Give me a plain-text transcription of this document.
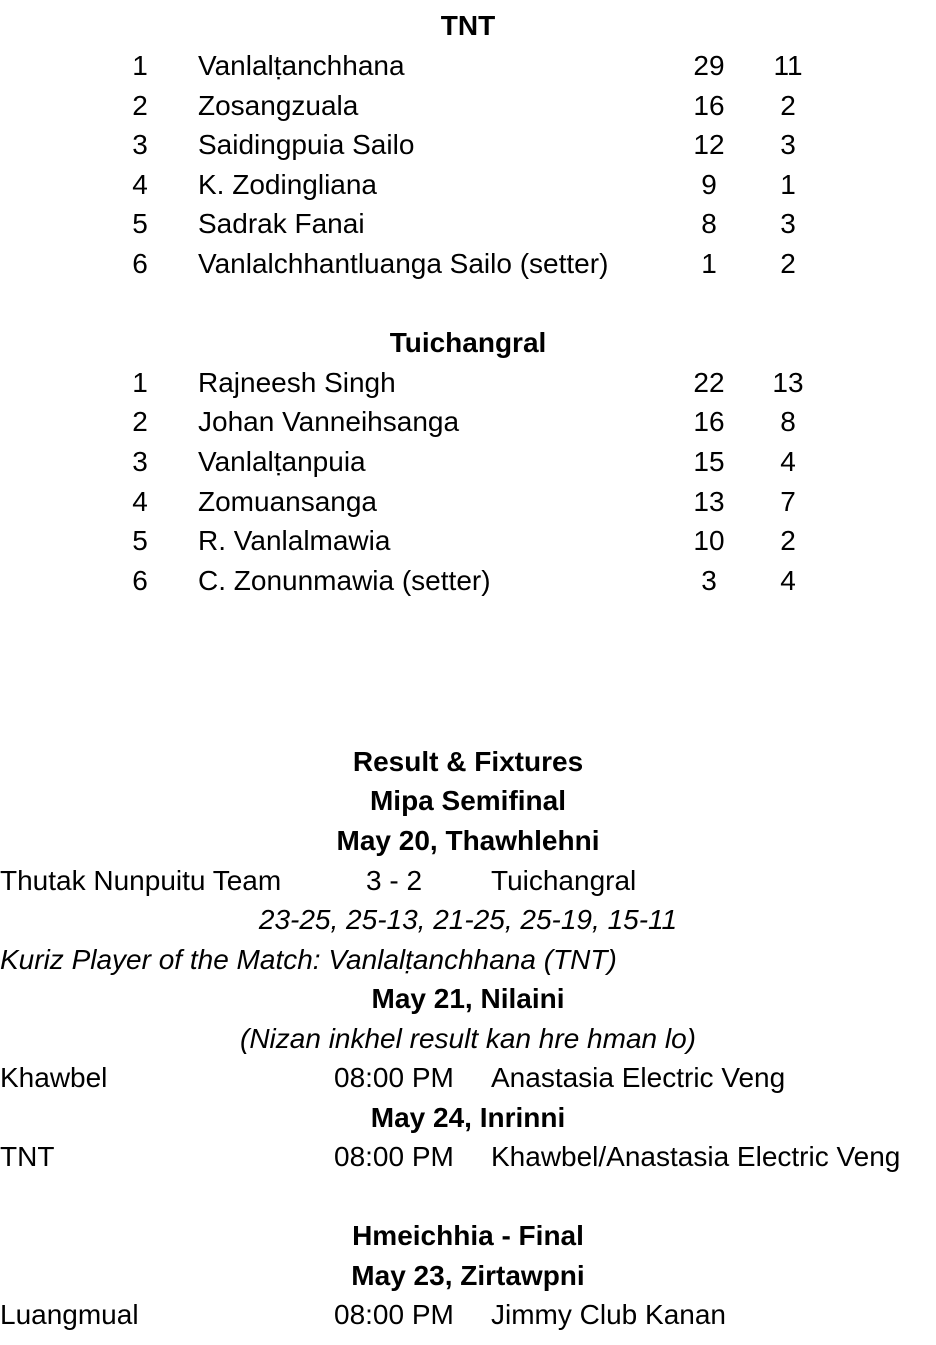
TNT
1 Vanlalṭanchhana	29	11
2 Zosangzuala	16	2
3 Saidingpuia Sailo	12	3
4 K. Zodingliana	9	1
5 Sadrak Fanai	8	3
6 Vanlalchhantluanga Sailo (setter)	1	2
Tuichangral
1 Rajneesh Singh	22	13
2 Johan Vanneihsanga	16	8
3 Vanlalṭanpuia	15	4
4 Zomuansanga	13	7
5 R. Vanlalmawia	10	2
6 C. Zonunmawia (setter)	3	4
Result & Fixtures
Mipa Semifinal
May 20, Thawhlehni
Thutak Nunpuitu Team	3 - 2 Tuichangral
23-25, 25-13, 21-25, 25-19, 15-11
Kuriz Player of the Match: Vanlalṭanchhana (TNT)
May 21, Nilaini
(Nizan inkhel result kan hre hman lo)
Khawbel	08:00 PM Anastasia Electric Veng
May 24, Inrinni
TNT	08:00 PM Khawbel/Anastasia Electric Veng
Hmeichhia - Final
May 23, Zirtawpni
Luangmual	08:00 PM Jimmy Club Kanan
